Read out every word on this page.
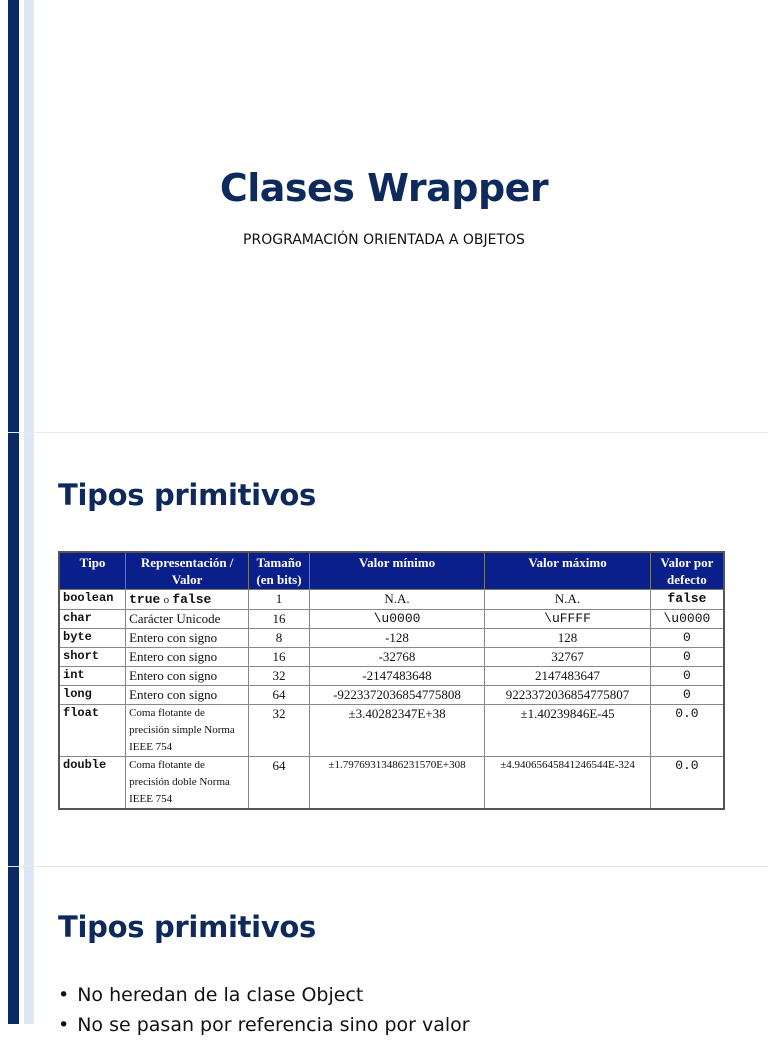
Clases Wrapper
PROGRAMACIÓN ORIENTADA A OBJETOS
Tipos primitivos
Tipo	Representación / Valor	Tamaño (en bits)	Valor mínimo	Valor máximo	Valor por defecto
boolean	true o false	1	N.A.	N.A.	false
char	Carácter Unicode	16	\u0000	\uFFFF	\u0000
byte	Entero con signo	8	-128	128	0
short	Entero con signo	16	-32768	32767	0
int	Entero con signo	32	-2147483648	2147483647	0
long	Entero con signo	64	-9223372036854775808	9223372036854775807	0
float	Coma flotante de precisión simple Norma IEEE 754	32	±3.40282347E+38	±1.40239846E-45	0.0
double	Coma flotante de precisión doble Norma IEEE 754	64	±1.79769313486231570E+308	±4.94065645841246544E-324	0.0
Tipos primitivos
• No heredan de la clase Object
• No se pasan por referencia sino por valor
